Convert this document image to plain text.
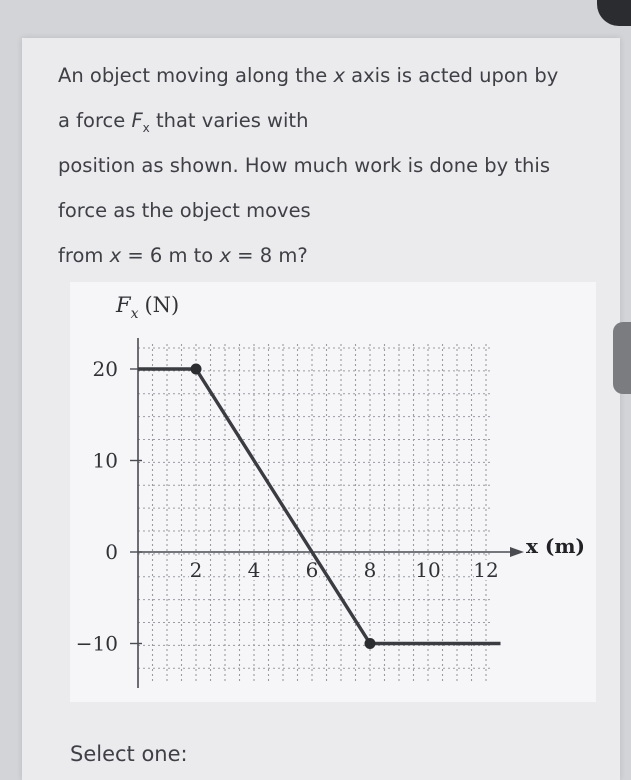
An object moving along the x axis is acted upon by
a force $F_x$ that varies with
position as shown. How much work is done by this
force as the object moves
from x = 6 m to x = 8 m?
20
10
0
−10
2 4 6 8 10 12
$F_x$ (N)
x (m)
Select one:
